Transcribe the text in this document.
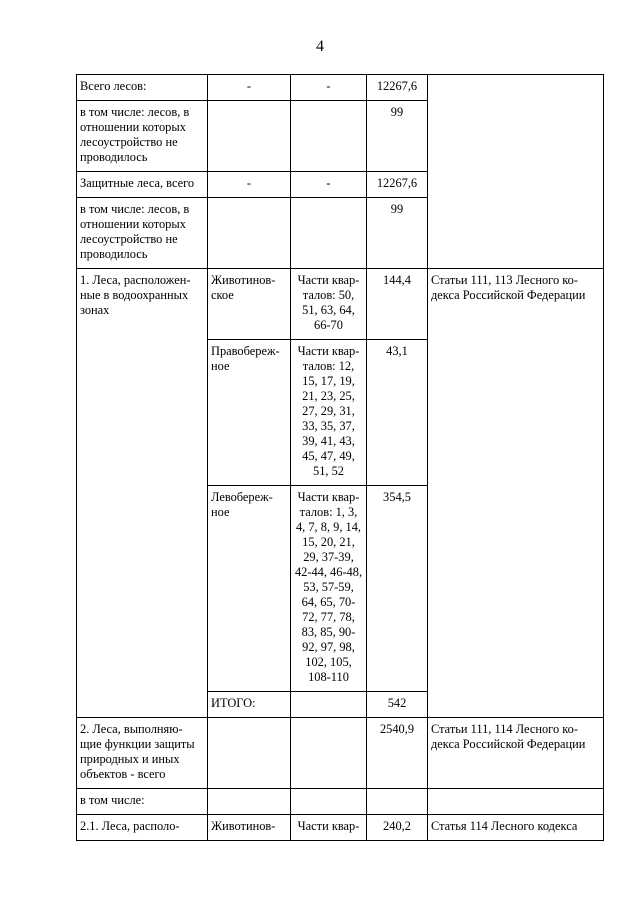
4
Всего лесов:	-	-	12267,6	
в том числе: лесов, в отношении которых лесоустройство не проводилось			99	
Защитные леса, всего	-	-	12267,6	
в том числе: лесов, в отношении которых лесоустройство не проводилось			99	
1. Леса, расположен-ные в водоохранных зонах	Животинов-ское	Части квар-талов: 50, 51, 63, 64, 66-70	144,4	Статьи 111, 113 Лесного ко-декса Российской Федерации
	Правобереж-ное	Части квар-талов: 12, 15, 17, 19, 21, 23, 25, 27, 29, 31, 33, 35, 37, 39, 41, 43, 45, 47, 49, 51, 52	43,1	
	Левобереж-ное	Части квар-талов: 1, 3, 4, 7, 8, 9, 14, 15, 20, 21, 29, 37-39, 42-44, 46-48, 53, 57-59, 64, 65, 70-72, 77, 78, 83, 85, 90-92, 97, 98, 102, 105, 108-110	354,5	
	ИТОГО:		542	
2. Леса, выполняю-щие функции защиты природных и иных объектов - всего			2540,9	Статьи 111, 114 Лесного ко-декса Российской Федерации
в том числе:				
2.1. Леса, располо-	Животинов-	Части квар-	240,2	Статья 114 Лесного кодекса
